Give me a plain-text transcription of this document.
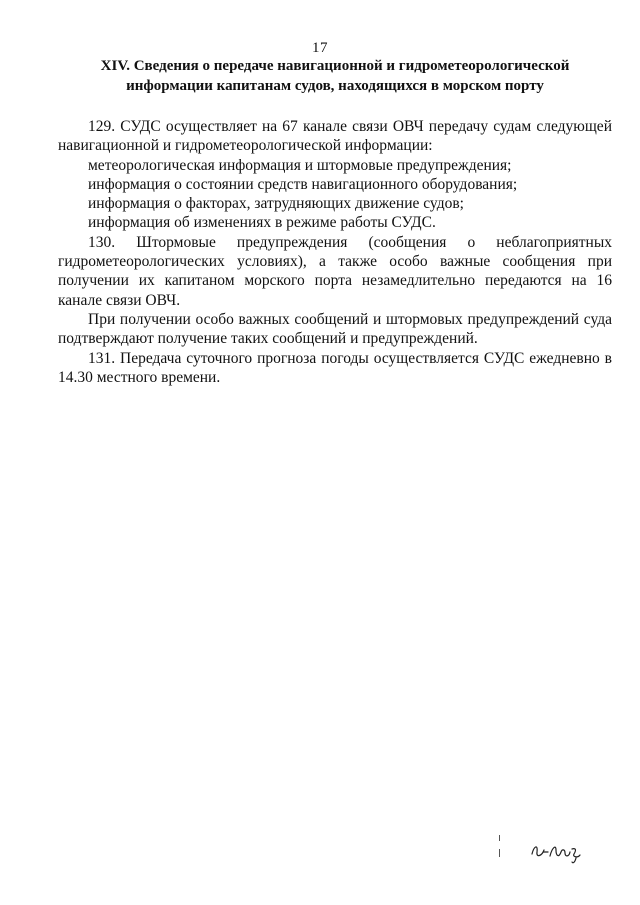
17
XIV. Сведения о передаче навигационной и гидрометеорологической
информации капитанам судов, находящихся в морском порту

129. СУДС осуществляет на 67 канале связи ОВЧ передачу судам следующей навигационной и гидрометеорологической информации:

метеорологическая информация и штормовые предупреждения;

информация о состоянии средств навигационного оборудования;

информация о факторах, затрудняющих движение судов;

информация об изменениях в режиме работы СУДС.

130. Штормовые предупреждения (сообщения о неблагоприятных

гидрометеорологических условиях), а также особо важные сообщения при получении их капитаном морского порта незамедлительно передаются на 16 канале связи ОВЧ.

При получении особо важных сообщений и штормовых предупреждений суда подтверждают получение таких сообщений и предупреждений.

131. Передача суточного прогноза погоды осуществляется СУДС ежедневно в 14.30 местного времени.
